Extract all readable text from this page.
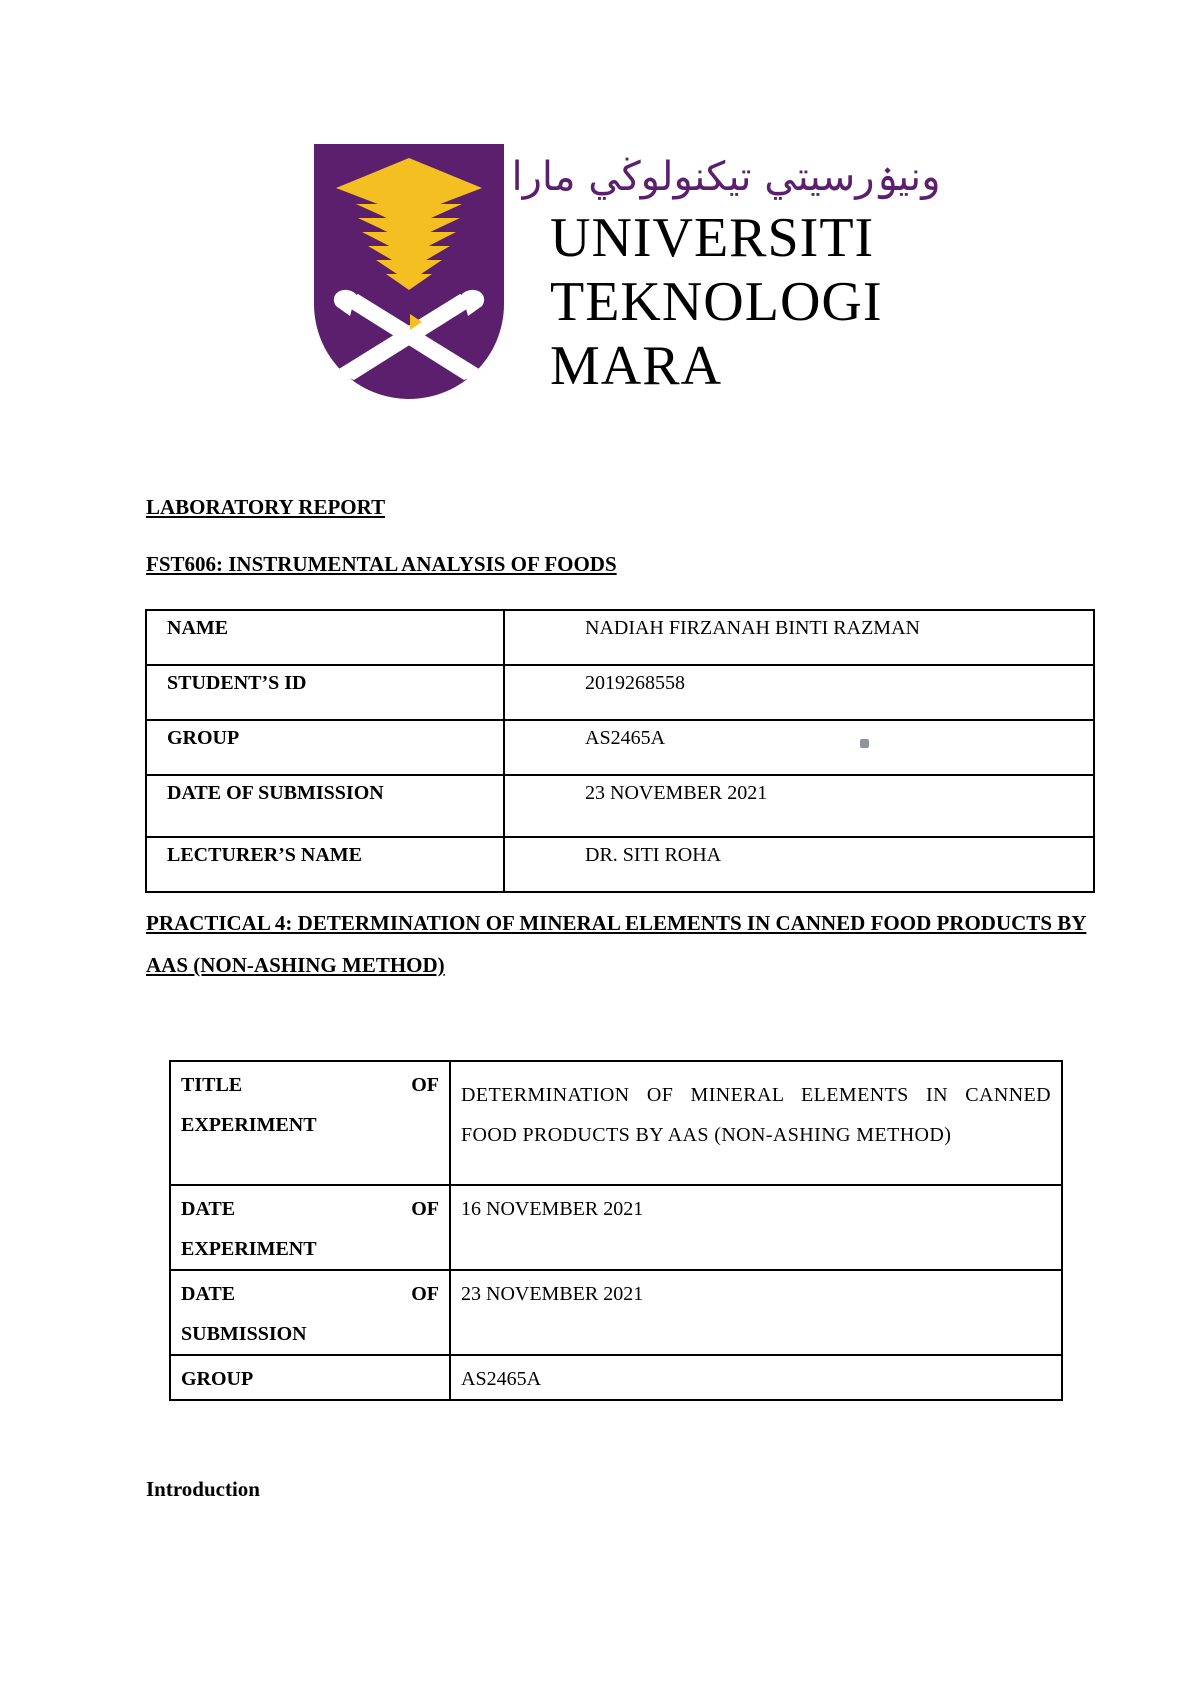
ونيۏرسيتي تيكنولوڬي مارا
UNIVERSITI
TEKNOLOGI
MARA
LABORATORY REPORT
FST606: INSTRUMENTAL ANALYSIS OF FOODS
NAME	NADIAH FIRZANAH BINTI RAZMAN
STUDENT’S ID	2019268558
GROUP	AS2465A

DATE OF SUBMISSION	23 NOVEMBER 2021
LECTURER’S NAME	DR. SITI ROHA
PRACTICAL 4: DETERMINATION OF MINERAL ELEMENTS IN CANNED FOOD PRODUCTS BY AAS (NON-ASHING METHOD)
TITLE OF
EXPERIMENT	DETERMINATION OF MINERAL ELEMENTS IN CANNED FOOD PRODUCTS BY AAS (NON-ASHING METHOD)

DATE OF
EXPERIMENT	16 NOVEMBER 2021

DATE OF
SUBMISSION	23 NOVEMBER 2021

GROUP	AS2465A
Introduction
